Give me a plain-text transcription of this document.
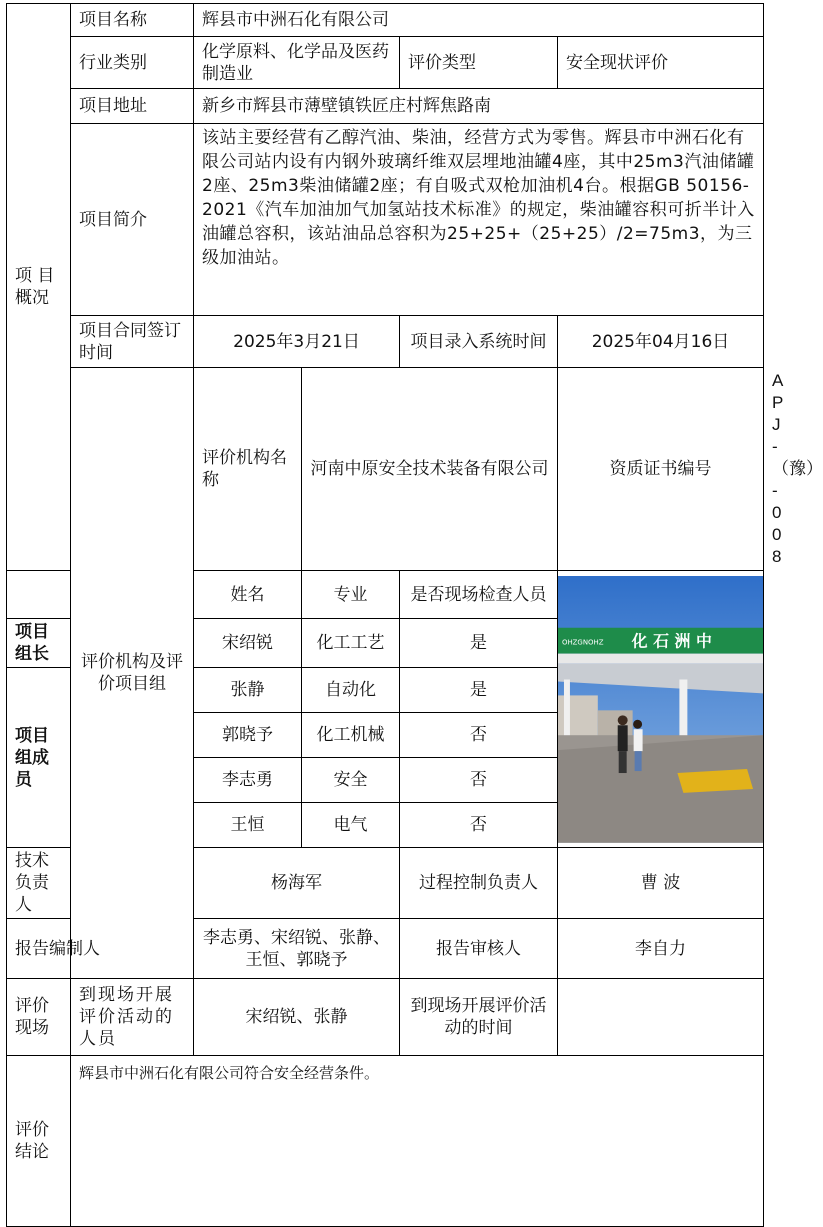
项 目
概况	项目名称	辉县市中洲石化有限公司				
	行业类别	化学原料、化学品及医药制造业		评价类型	安全现状评价	
	项目地址	新乡市辉县市薄壁镇铁匠庄村辉焦路南				
	项目简介	该站主要经营有乙醇汽油、柴油，经营方式为零售。辉县市中洲石化有限公司站内设有内钢外玻璃纤维双层埋地油罐4座，其中25m3汽油储罐2座、25m3柴油储罐2座；有自吸式双枪加油机4台。根据GB 50156-2021《汽车加油加气加氢站技术标准》的规定，柴油罐容积可折半计入油罐总容积，该站油品总容积为25+25+（25+25）/2=75m3，为三级加油站。				
	项目合同签订时间	2025年3月21日		项目录入系统时间	2025年04月16日	
	评价机构及评价项目组	评价机构名称	河南中原安全技术装备有限公司		资质证书编号	APJ-（豫）-008
		姓名	专业	是否现场检查人员	OHZGNOHZ 化 石 洲 中	

项目组长		宋绍锐	化工工艺	是		
项目组成员		张静	自动化	是		
		郭晓予	化工机械	否		
		李志勇	安全	否		
		王恒	电气	否		
技术负责人		杨海军		过程控制负责人	曹 波	
报告编制人		李志勇、宋绍锐、张静、王恒、郭晓予		报告审核人	李自力	
评价
现场	到现场开展评价活动的人员	宋绍锐、张静		到现场开展评价活动的时间		
评价
结论	辉县市中洲石化有限公司符合安全经营条件。					
